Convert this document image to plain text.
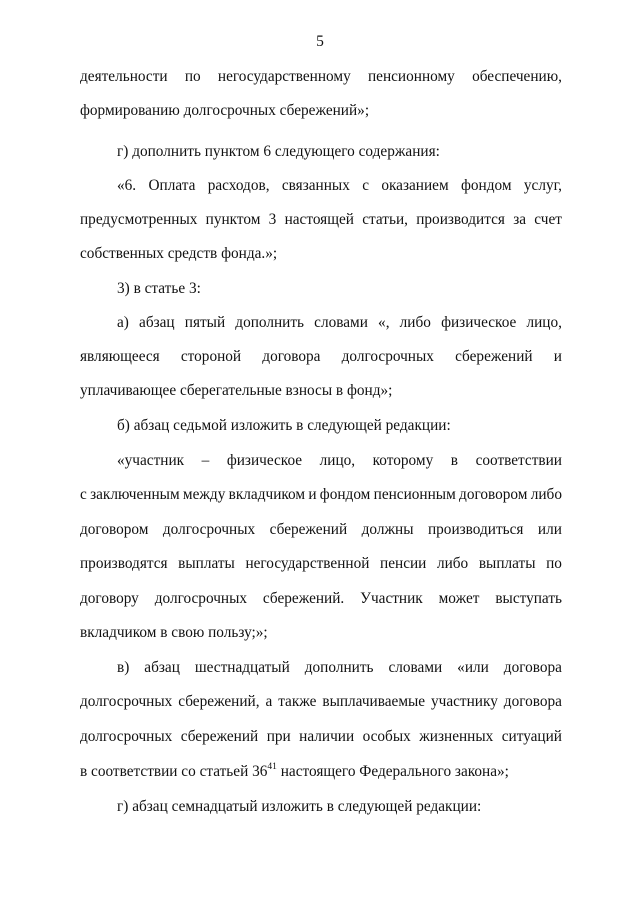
5
деятельности по негосударственному пенсионному обеспечению,
формированию долгосрочных сбережений»;
г) дополнить пунктом 6 следующего содержания:
«6. Оплата расходов, связанных с оказанием фондом услуг,
предусмотренных пунктом 3 настоящей статьи, производится за счет
собственных средств фонда.»;
3) в статье 3:
а) абзац пятый дополнить словами «, либо физическое лицо,
являющееся стороной договора долгосрочных сбережений и
уплачивающее сберегательные взносы в фонд»;
б) абзац седьмой изложить в следующей редакции:
«участник – физическое лицо, которому в соответствии
с заключенным между вкладчиком и фондом пенсионным договором либо
договором долгосрочных сбережений должны производиться или
производятся выплаты негосударственной пенсии либо выплаты по
договору долгосрочных сбережений. Участник может выступать
вкладчиком в свою пользу;»;
в) абзац шестнадцатый дополнить словами «или договора
долгосрочных сбережений, а также выплачиваемые участнику договора
долгосрочных сбережений при наличии особых жизненных ситуаций
в соответствии со статьей $36^{41}$ настоящего Федерального закона»;
г) абзац семнадцатый изложить в следующей редакции:
